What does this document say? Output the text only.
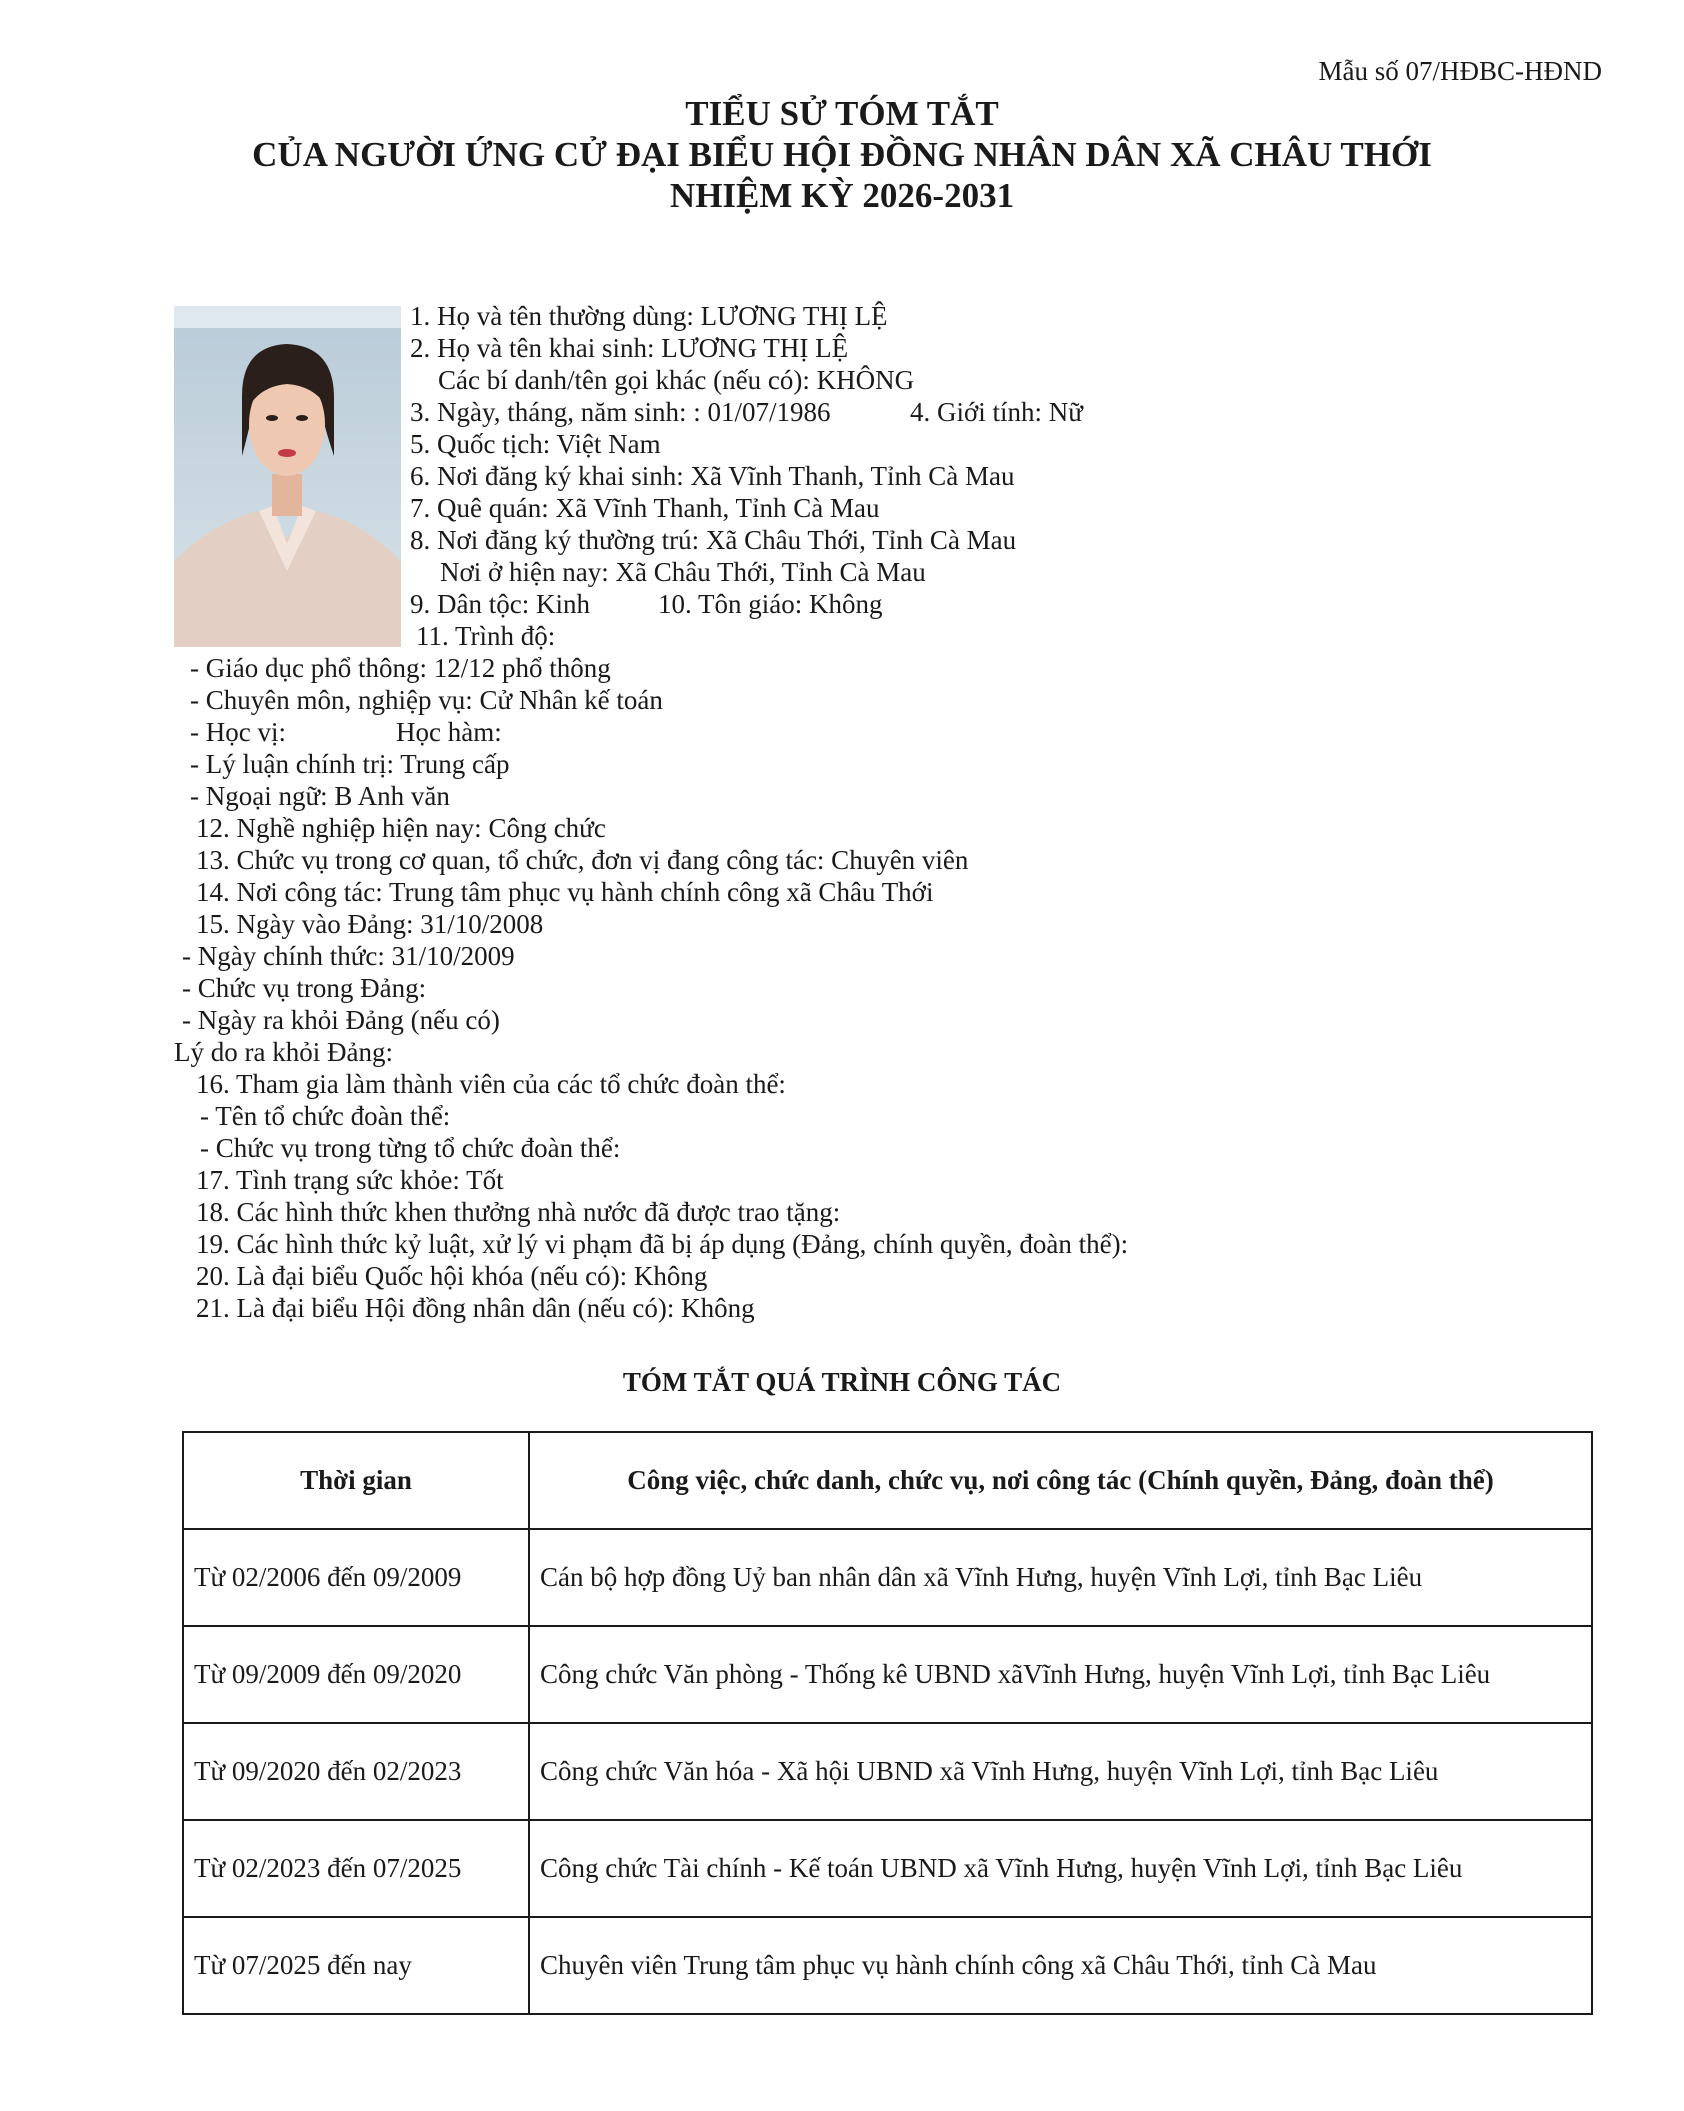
Mẫu số 07/HĐBC-HĐND
TIỂU SỬ TÓM TẮT
CỦA NGƯỜI ỨNG CỬ ĐẠI BIỂU HỘI ĐỒNG NHÂN DÂN XÃ CHÂU THỚI
NHIỆM KỲ 2026-2031
1. Họ và tên thường dùng: LƯƠNG THỊ LỆ
2. Họ và tên khai sinh: LƯƠNG THỊ LỆ
Các bí danh/tên gọi khác (nếu có): KHÔNG
3. Ngày, tháng, năm sinh: : 01/07/1986	4. Giới tính: Nữ
5. Quốc tịch: Việt Nam
6. Nơi đăng ký khai sinh: Xã Vĩnh Thanh, Tỉnh Cà Mau
7. Quê quán: Xã Vĩnh Thanh, Tỉnh Cà Mau
8. Nơi đăng ký thường trú: Xã Châu Thới, Tỉnh Cà Mau
Nơi ở hiện nay: Xã Châu Thới, Tỉnh Cà Mau
9. Dân tộc: Kinh	10. Tôn giáo: Không
11. Trình độ:
- Giáo dục phổ thông: 12/12 phổ thông
- Chuyên môn, nghiệp vụ: Cử Nhân kế toán
- Học vị:	Học hàm:
- Lý luận chính trị: Trung cấp
- Ngoại ngữ: B Anh văn
12. Nghề nghiệp hiện nay: Công chức
13. Chức vụ trong cơ quan, tổ chức, đơn vị đang công tác: Chuyên viên
14. Nơi công tác: Trung tâm phục vụ hành chính công xã Châu Thới
15. Ngày vào Đảng: 31/10/2008
- Ngày chính thức: 31/10/2009
- Chức vụ trong Đảng:
- Ngày ra khỏi Đảng (nếu có)
Lý do ra khỏi Đảng:
16. Tham gia làm thành viên của các tổ chức đoàn thể:
- Tên tổ chức đoàn thể:
- Chức vụ trong từng tổ chức đoàn thể:
17. Tình trạng sức khỏe: Tốt
18. Các hình thức khen thưởng nhà nước đã được trao tặng:
19. Các hình thức kỷ luật, xử lý vi phạm đã bị áp dụng (Đảng, chính quyền, đoàn thể):
20. Là đại biểu Quốc hội khóa (nếu có): Không
21. Là đại biểu Hội đồng nhân dân (nếu có): Không
TÓM TẮT QUÁ TRÌNH CÔNG TÁC
Thời gian	Công việc, chức danh, chức vụ, nơi công tác (Chính quyền, Đảng, đoàn thể)
Từ 02/2006 đến 09/2009	Cán bộ hợp đồng Uỷ ban nhân dân xã Vĩnh Hưng, huyện Vĩnh Lợi, tỉnh Bạc Liêu
Từ 09/2009 đến 09/2020	Công chức Văn phòng - Thống kê UBND xãVĩnh Hưng, huyện Vĩnh Lợi, tỉnh Bạc Liêu
Từ 09/2020 đến 02/2023	Công chức Văn hóa - Xã hội UBND xã Vĩnh Hưng, huyện Vĩnh Lợi, tỉnh Bạc Liêu
Từ 02/2023 đến 07/2025	Công chức Tài chính - Kế toán UBND xã Vĩnh Hưng, huyện Vĩnh Lợi, tỉnh Bạc Liêu
Từ 07/2025 đến nay	Chuyên viên Trung tâm phục vụ hành chính công xã Châu Thới, tỉnh Cà Mau
